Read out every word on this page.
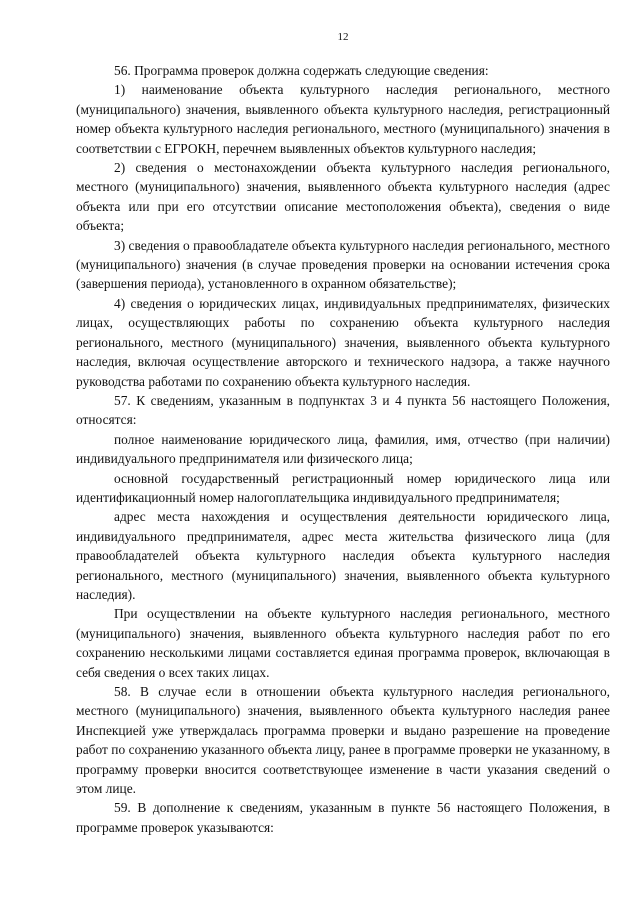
12

56. Программа проверок должна содержать следующие сведения:

1) наименование объекта культурного наследия регионального, местного (муниципального) значения, выявленного объекта культурного наследия, регистрационный номер объекта культурного наследия регионального, местного (муниципального) значения в соответствии с ЕГРОКН, перечнем выявленных объектов культурного наследия;

2) сведения о местонахождении объекта культурного наследия регионального, местного (муниципального) значения, выявленного объекта культурного наследия (адрес объекта или при его отсутствии описание местоположения объекта), сведения о виде объекта;

3) сведения о правообладателе объекта культурного наследия регионального, местного (муниципального) значения (в случае проведения проверки на основании истечения срока (завершения периода), установленного в охранном обязательстве);

4) сведения о юридических лицах, индивидуальных предпринимателях, физических лицах, осуществляющих работы по сохранению объекта культурного наследия регионального, местного (муниципального) значения, выявленного объекта культурного наследия, включая осуществление авторского и технического надзора, а также научного руководства работами по сохранению объекта культурного наследия.

57. К сведениям, указанным в подпунктах 3 и 4 пункта 56 настоящего Положения, относятся:

полное наименование юридического лица, фамилия, имя, отчество (при наличии) индивидуального предпринимателя или физического лица;

основной государственный регистрационный номер юридического лица или идентификационный номер налогоплательщика индивидуального предпринимателя;

адрес места нахождения и осуществления деятельности юридического лица, индивидуального предпринимателя, адрес места жительства физического лица (для правообладателей объекта культурного наследия объекта культурного наследия регионального, местного (муниципального) значения, выявленного объекта культурного наследия).

При осуществлении на объекте культурного наследия регионального, местного (муниципального) значения, выявленного объекта культурного наследия работ по его сохранению несколькими лицами составляется единая программа проверок, включающая в себя сведения о всех таких лицах.

58. В случае если в отношении объекта культурного наследия регионального, местного (муниципального) значения, выявленного объекта культурного наследия ранее Инспекцией уже утверждалась программа проверки и выдано разрешение на проведение работ по сохранению указанного объекта лицу, ранее в программе проверки не указанному, в программу проверки вносится соответствующее изменение в части указания сведений о этом лице.

59. В дополнение к сведениям, указанным в пункте 56 настоящего Положения, в программе проверок указываются:
